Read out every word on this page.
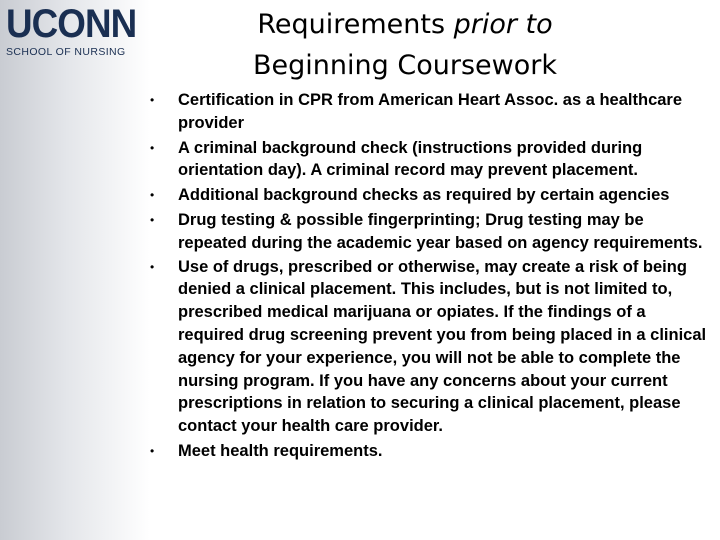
UCONN
SCHOOL OF NURSING
Requirements prior to
Beginning Coursework
• Certification in CPR from American Heart Assoc. as a healthcare provider
• A criminal background check (instructions provided during orientation day). A criminal record may prevent placement.
• Additional background checks as required by certain agencies
• Drug testing & possible fingerprinting; Drug testing may be repeated during the academic year based on agency requirements.
• Use of drugs, prescribed or otherwise, may create a risk of being denied a clinical placement. This includes, but is not limited to, prescribed medical marijuana or opiates. If the findings of a required drug screening prevent you from being placed in a clinical agency for your experience, you will not be able to complete the nursing program. If you have any concerns about your current prescriptions in relation to securing a clinical placement, please contact your health care provider.
• Meet health requirements.
